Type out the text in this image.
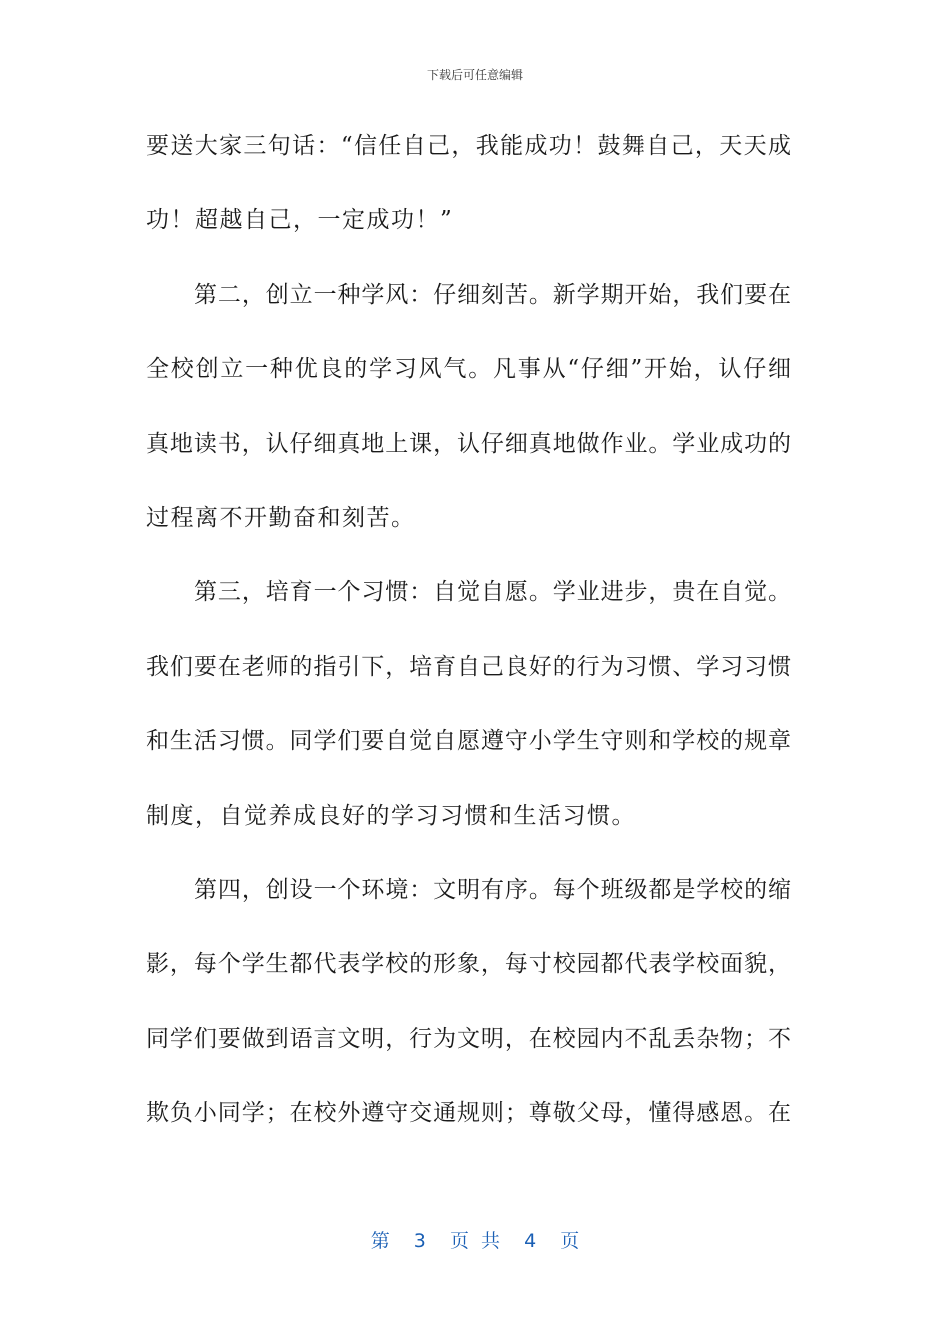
下载后可任意编辑
要送大家三句话：“信任自己，我能成功！鼓舞自己，天天成
功！超越自己，一定成功！”
第二，创立一种学风：仔细刻苦。新学期开始，我们要在
全校创立一种优良的学习风气。凡事从“仔细”开始，认仔细
真地读书，认仔细真地上课，认仔细真地做作业。学业成功的
过程离不开勤奋和刻苦。
第三，培育一个习惯：自觉自愿。学业进步，贵在自觉。
我们要在老师的指引下，培育自己良好的行为习惯、学习习惯
和生活习惯。同学们要自觉自愿遵守小学生守则和学校的规章
制度，自觉养成良好的学习习惯和生活习惯。
第四，创设一个环境：文明有序。每个班级都是学校的缩
影，每个学生都代表学校的形象，每寸校园都代表学校面貌，
同学们要做到语言文明，行为文明，在校园内不乱丢杂物；不
欺负小同学；在校外遵守交通规则；尊敬父母，懂得感恩。在
第  3  页 共  4  页
